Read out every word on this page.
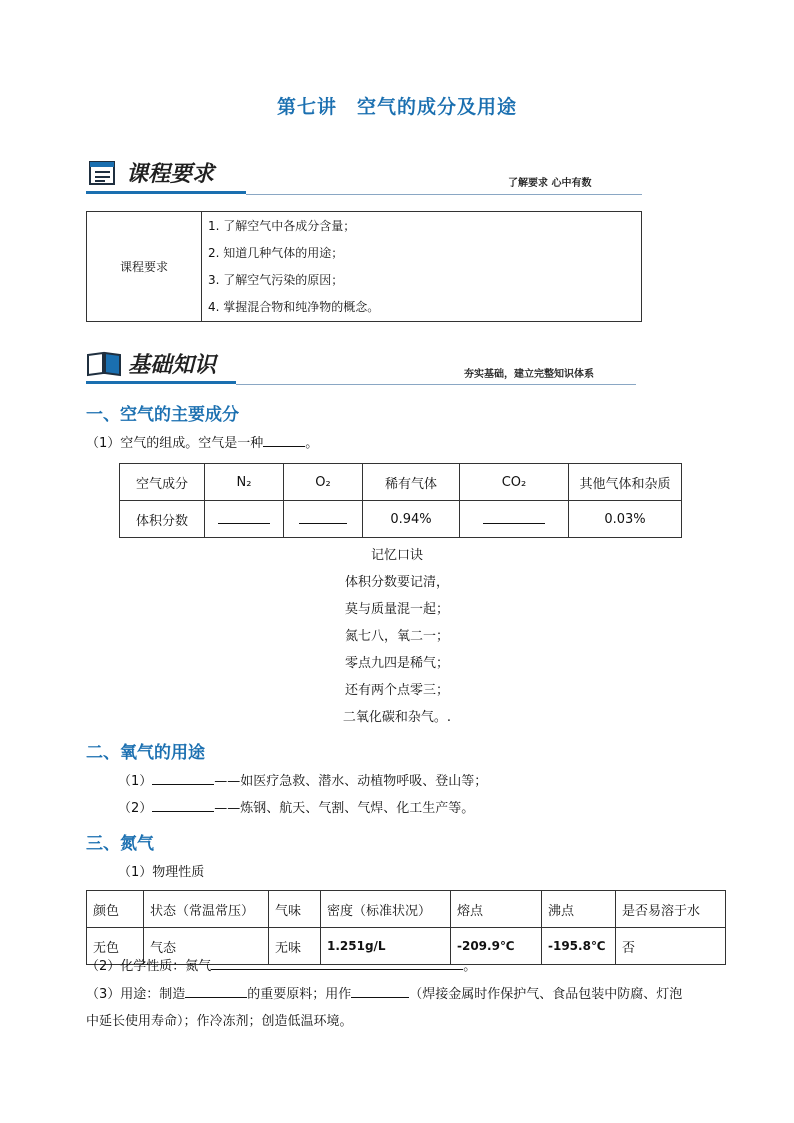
第七讲　空气的成分及用途
课程要求	了解要求 心中有数
课程要求	
1. 了解空气中各成分含量；
2. 知道几种气体的用途；
3. 了解空气污染的原因；
4. 掌握混合物和纯净物的概念。
基础知识	夯实基础，建立完整知识体系
一、空气的主要成分
（1）空气的组成。空气是一种	。
空气成分	N₂	O₂	稀有气体	CO₂	其他气体和杂质
体积分数			0.94%		0.03%
记忆口诀
体积分数要记清，
莫与质量混一起；
氮七八，氧二一；
零点九四是稀气；
还有两个点零三；
二氧化碳和杂气。.
二、氧气的用途
（1）	——如医疗急救、潜水、动植物呼吸、登山等；
（2）	——炼钢、航天、气割、气焊、化工生产等。
三、氮气
（1）物理性质
颜色	状态（常温常压）	气味	密度（标准状况）	熔点	沸点	是否易溶于水
无色	气态	无味	1.251g/L	-209.9℃	-195.8℃	否
（2）化学性质：氮气	。
（3）用途：制造	的重要原料；用作	（焊接金属时作保护气、食品包装中防腐、灯泡
中延长使用寿命）；作冷冻剂；创造低温环境。
